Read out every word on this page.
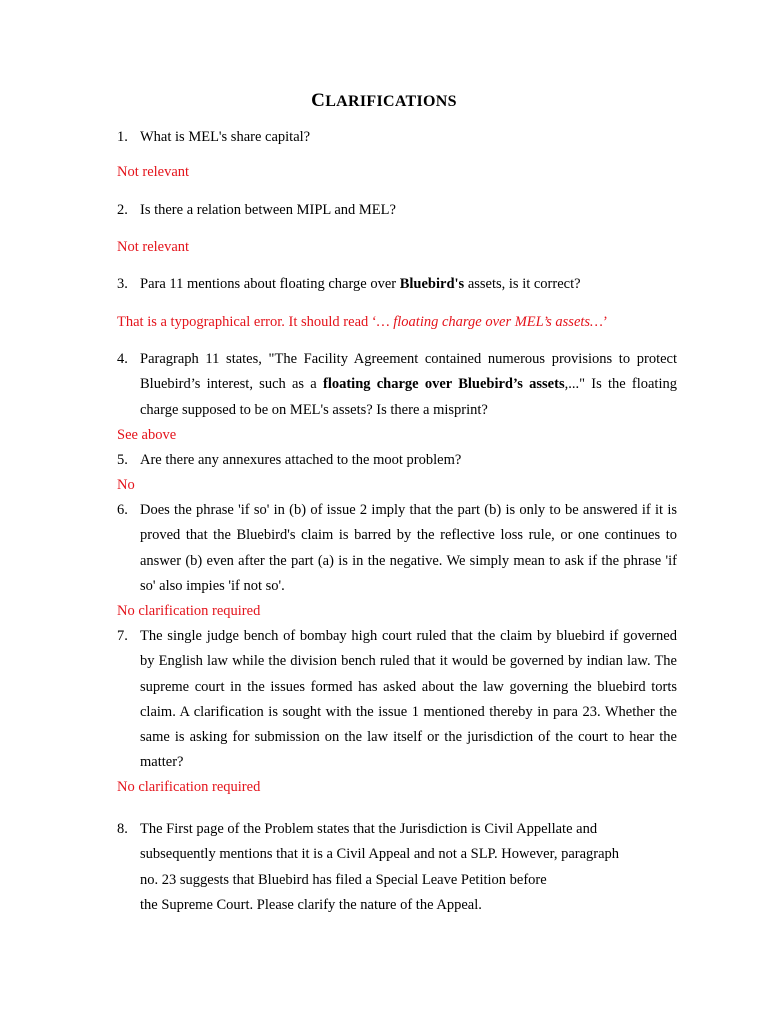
CLARIFICATIONS
1. What is MEL's share capital?
Not relevant
2. Is there a relation between MIPL and MEL?
Not relevant
3. Para 11 mentions about floating charge over Bluebird's assets, is it correct?
That is a typographical error. It should read ‘… floating charge over MEL’s assets…’
4. Paragraph 11 states, "The Facility Agreement contained numerous provisions to protect Bluebird’s interest, such as a floating charge over Bluebird’s assets,..." Is the floating charge supposed to be on MEL's assets? Is there a misprint?
See above
5. Are there any annexures attached to the moot problem?
No
6. Does the phrase 'if so' in (b) of issue 2 imply that the part (b) is only to be answered if it is proved that the Bluebird's claim is barred by the reflective loss rule, or one continues to answer (b) even after the part (a) is in the negative. We simply mean to ask if the phrase 'if so' also impies 'if not so'.
No clarification required
7. The single judge bench of bombay high court ruled that the claim by bluebird if governed by English law while the division bench ruled that it would be governed by indian law. The supreme court in the issues formed has asked about the law governing the bluebird torts claim. A clarification is sought with the issue 1 mentioned thereby in para 23. Whether the same is asking for submission on the law itself or the jurisdiction of the court to hear the matter?
No clarification required
8. The First page of the Problem states that the Jurisdiction is Civil Appellate and
subsequently mentions that it is a Civil Appeal and not a SLP. However, paragraph
no. 23 suggests that Bluebird has filed a Special Leave Petition before
the Supreme Court. Please clarify the nature of the Appeal.
